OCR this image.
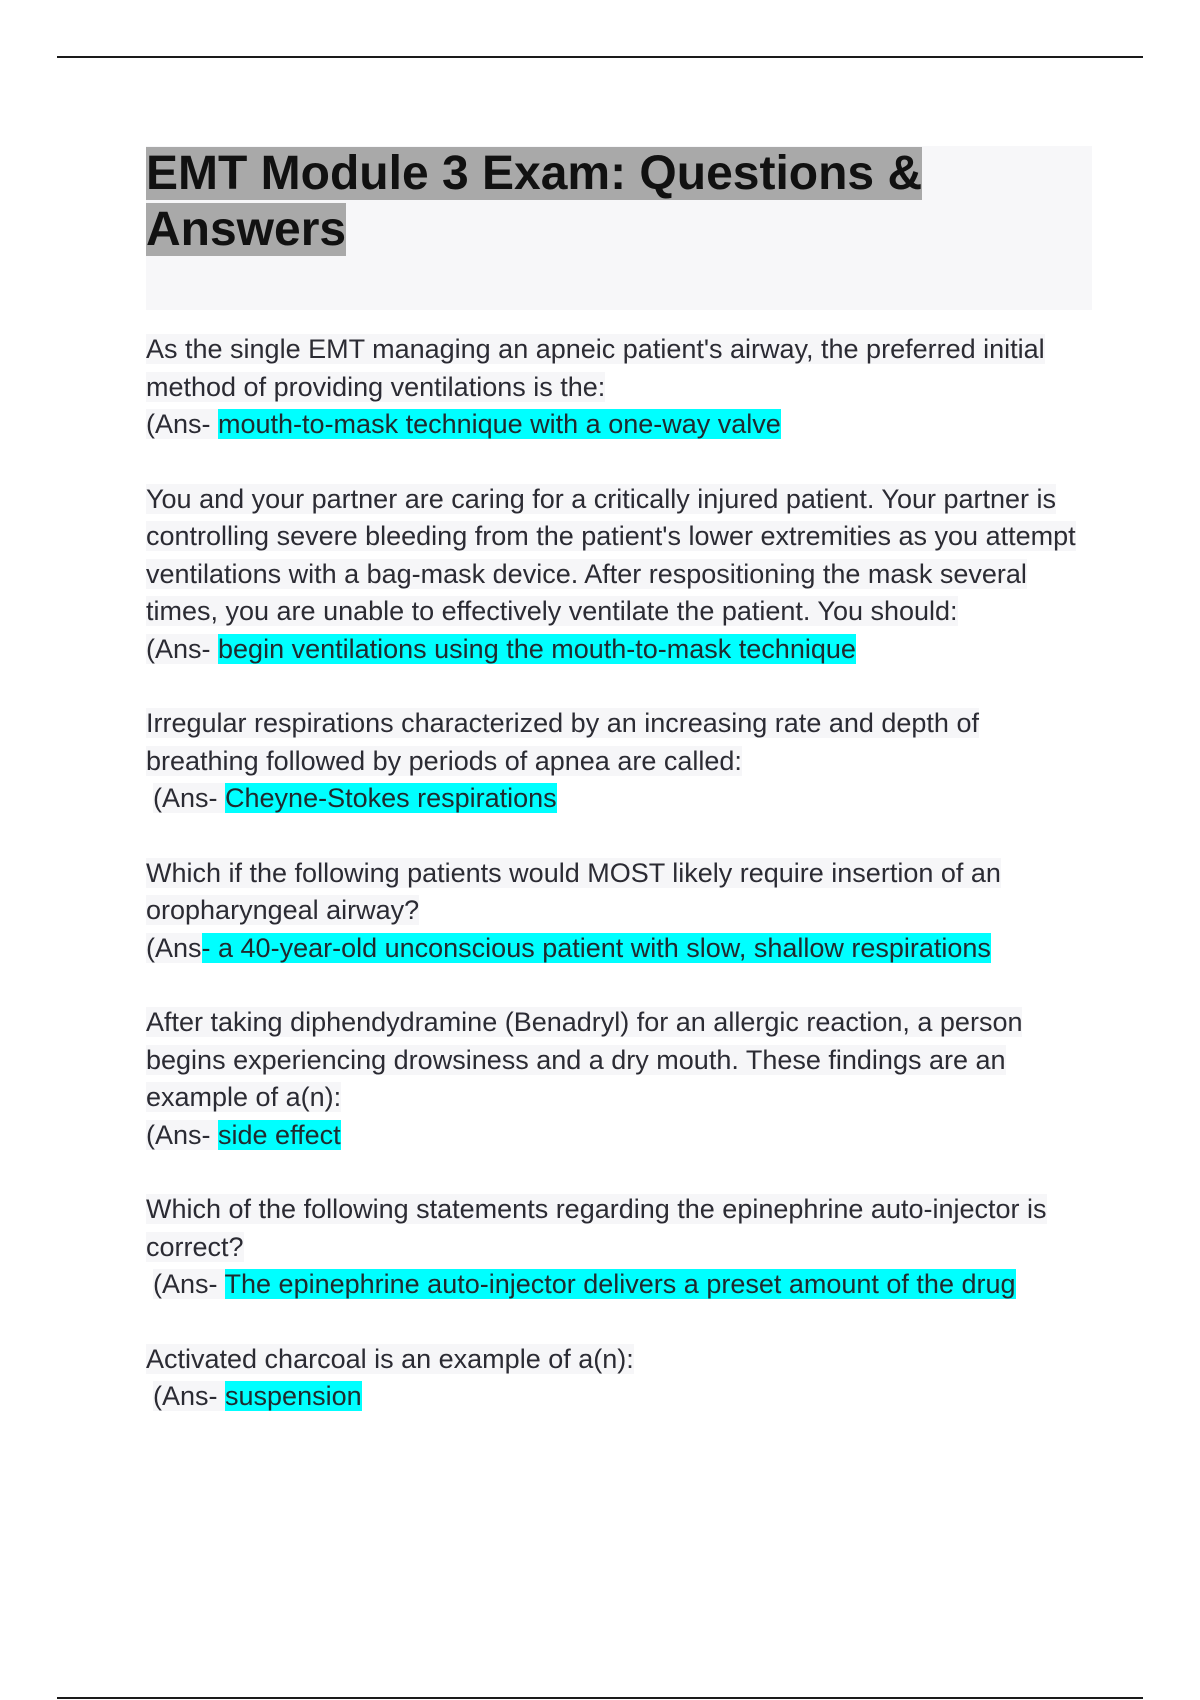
EMT Module 3 Exam: Questions & Answers
As the single EMT managing an apneic patient's airway, the preferred initial method of providing ventilations is the:
(Ans- mouth-to-mask technique with a one-way valve
You and your partner are caring for a critically injured patient. Your partner is controlling severe bleeding from the patient's lower extremities as you attempt ventilations with a bag-mask device. After respositioning the mask several times, you are unable to effectively ventilate the patient. You should:
(Ans- begin ventilations using the mouth-to-mask technique
Irregular respirations characterized by an increasing rate and depth of breathing followed by periods of apnea are called:
(Ans- Cheyne-Stokes respirations
Which if the following patients would MOST likely require insertion of an oropharyngeal airway?
(Ans- a 40-year-old unconscious patient with slow, shallow respirations
After taking diphendydramine (Benadryl) for an allergic reaction, a person begins experiencing drowsiness and a dry mouth. These findings are an example of a(n):
(Ans- side effect
Which of the following statements regarding the epinephrine auto-injector is correct?
(Ans- The epinephrine auto-injector delivers a preset amount of the drug
Activated charcoal is an example of a(n):
(Ans- suspension
